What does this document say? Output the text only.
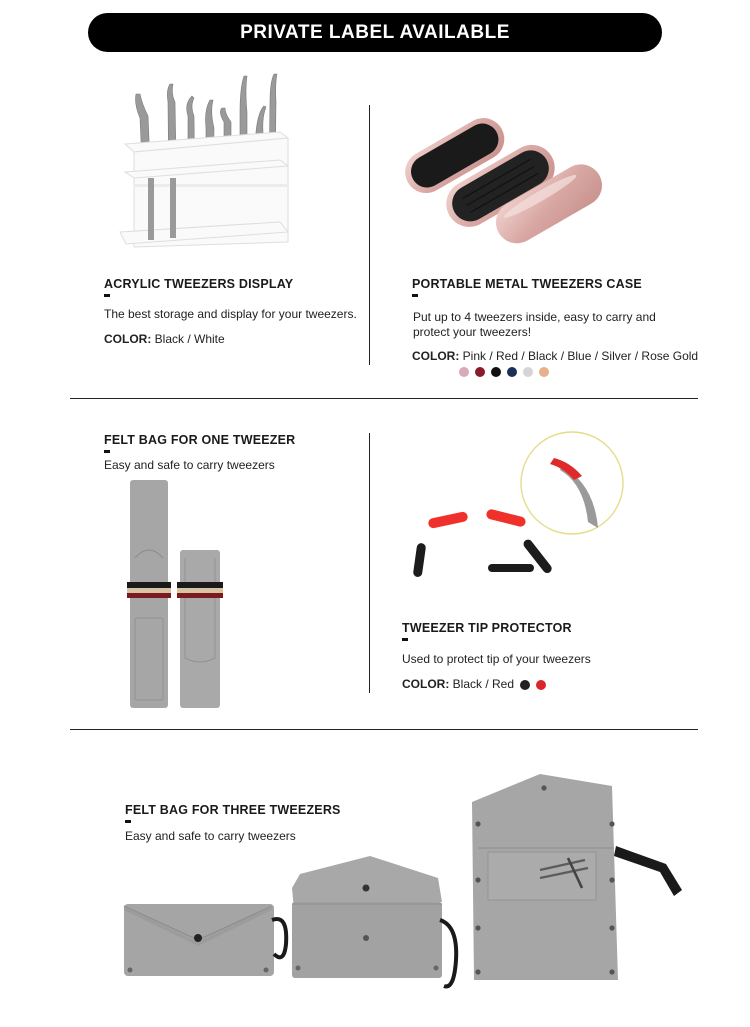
PRIVATE LABEL AVAILABLE
ACRYLIC TWEEZERS DISPLAY
The best storage and display for your tweezers.
COLOR: Black / White
PORTABLE METAL TWEEZERS CASE
Put up to 4 tweezers inside, easy to carry and protect your tweezers!
COLOR: Pink / Red / Black / Blue / Silver / Rose Gold
FELT BAG FOR ONE TWEEZER
Easy and safe to carry tweezers
TWEEZER TIP PROTECTOR
Used to protect tip of your tweezers
COLOR: Black / Red
FELT BAG FOR THREE TWEEZERS
Easy and safe to carry tweezers
